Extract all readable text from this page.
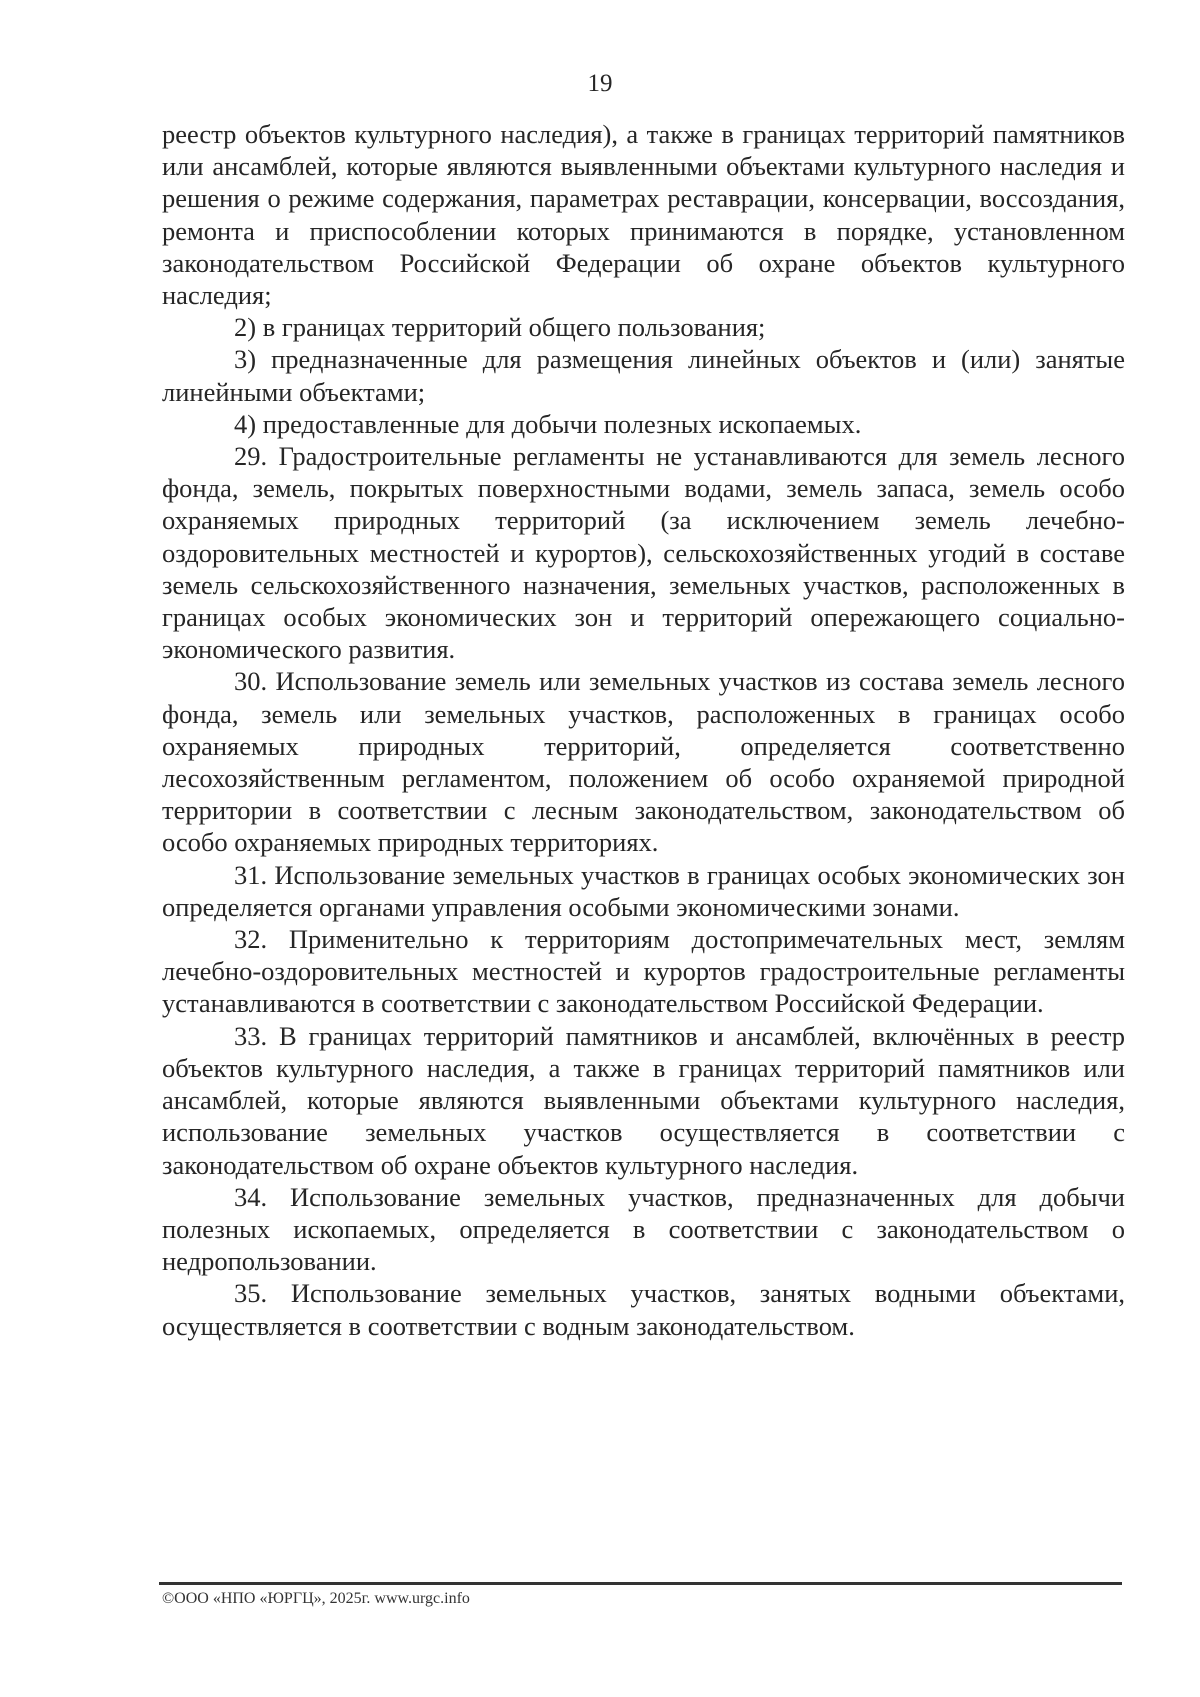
19

реестр объектов культурного наследия), а также в границах территорий памятников или ансамблей, которые являются выявленными объектами культурного наследия и решения о режиме содержания, параметрах реставрации, консервации, воссоздания, ремонта и приспособлении которых принимаются в порядке, установленном законодательством Российской Федерации об охране объектов культурного наследия;

2) в границах территорий общего пользования;

3) предназначенные для размещения линейных объектов и (или) занятые линейными объектами;

4) предоставленные для добычи полезных ископаемых.

29. Градостроительные регламенты не устанавливаются для земель лесного фонда, земель, покрытых поверхностными водами, земель запаса, земель особо охраняемых природных территорий (за исключением земель лечебно-оздоровительных местностей и курортов), сельскохозяйственных угодий в составе земель сельскохозяйственного назначения, земельных участков, расположенных в границах особых экономических зон и территорий опережающего социально-экономического развития.

30. Использование земель или земельных участков из состава земель лесного фонда, земель или земельных участков, расположенных в границах особо охраняемых природных территорий, определяется соответственно лесохозяйственным регламентом, положением об особо охраняемой природной территории в соответствии с лесным законодательством, законодательством об особо охраняемых природных территориях.

31. Использование земельных участков в границах особых экономических зон определяется органами управления особыми экономическими зонами.

32. Применительно к территориям достопримечательных мест, землям лечебно-оздоровительных местностей и курортов градостроительные регламенты устанавливаются в соответствии с законодательством Российской Федерации.

33. В границах территорий памятников и ансамблей, включённых в реестр объектов культурного наследия, а также в границах территорий памятников или ансамблей, которые являются выявленными объектами культурного наследия, использование земельных участков осуществляется в соответствии с законодательством об охране объектов культурного наследия.

34. Использование земельных участков, предназначенных для добычи полезных ископаемых, определяется в соответствии с законодательством о недропользовании.

35. Использование земельных участков, занятых водными объектами, осуществляется в соответствии с водным законодательством.

©ООО «НПО «ЮРГЦ», 2025г. www.urgc.info
